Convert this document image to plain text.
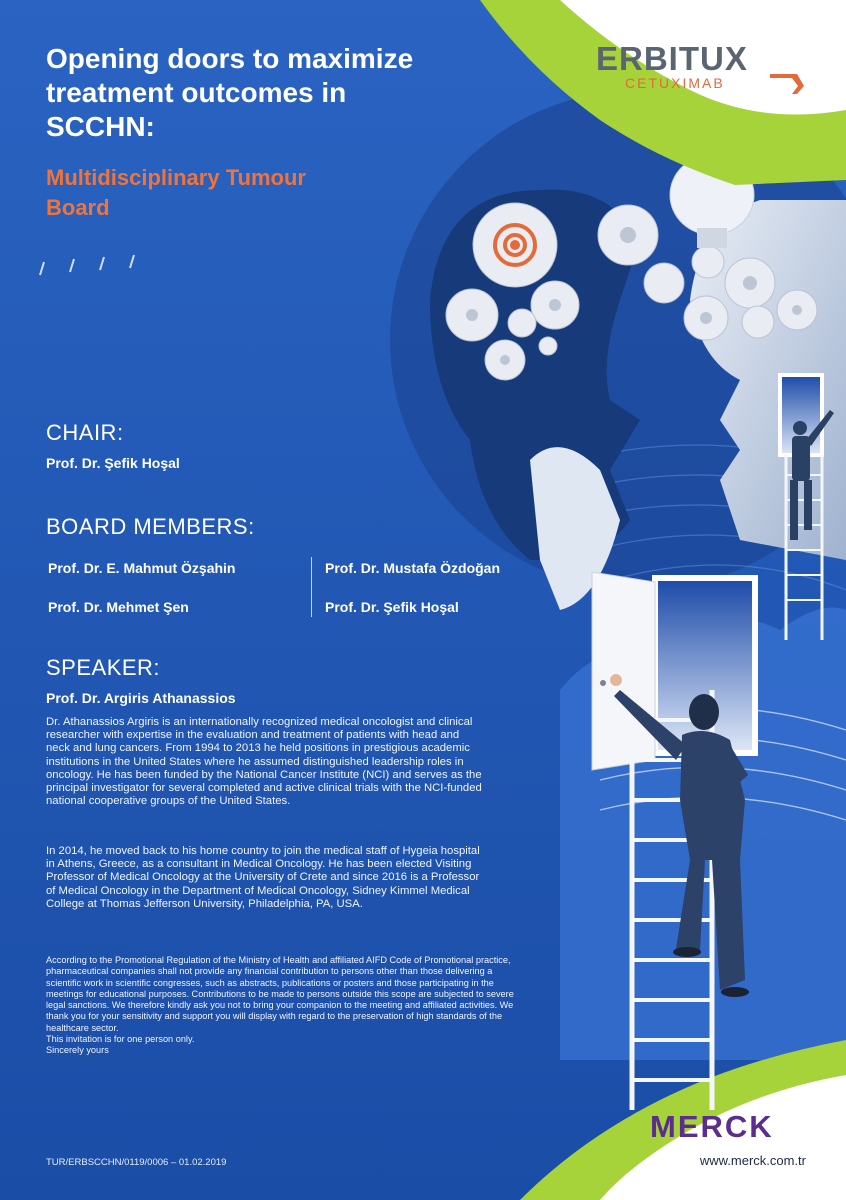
ERBITUX
CETUXIMAB
Opening doors to maximize treatment outcomes in SCCHN:
Multidisciplinary Tumour Board
CHAIR:
Prof. Dr. Şefik Hoşal
BOARD MEMBERS:
Prof. Dr. E. Mahmut Özşahin	Prof. Dr. Mustafa Özdoğan
Prof. Dr. Mehmet Şen	Prof. Dr. Şefik Hoşal
SPEAKER:
Prof. Dr. Argiris Athanassios
Dr. Athanassios Argiris is an internationally recognized medical oncologist and clinical researcher with expertise in the evaluation and treatment of patients with head and neck and lung cancers. From 1994 to 2013 he held positions in prestigious academic institutions in the United States where he assumed distinguished leadership roles in oncology. He has been funded by the National Cancer Institute (NCI) and serves as the principal investigator for several completed and active clinical trials with the NCI-funded national cooperative groups of the United States.
In 2014, he moved back to his home country to join the medical staff of Hygeia hospital in Athens, Greece, as a consultant in Medical Oncology. He has been elected Visiting Professor of Medical Oncology at the University of Crete and since 2016 is a Professor of Medical Oncology in the Department of Medical Oncology, Sidney Kimmel Medical College at Thomas Jefferson University, Philadelphia, PA, USA.
According to the Promotional Regulation of the Ministry of Health and affiliated AIFD Code of Promotional practice, pharmaceutical companies shall not provide any financial contribution to persons other than those delivering a scientific work in scientific congresses, such as abstracts, publications or posters and those participating in the meetings for educational purposes. Contributions to be made to persons outside this scope are subjected to severe legal sanctions. We therefore kindly ask you not to bring your companion to the meeting and affiliated activities. We thank you for your sensitivity and support you will display with regard to the preservation of high standards of the healthcare sector.
This invitation is for one person only.
Sincerely yours
TUR/ERBSCCHN/0119/0006 – 01.02.2019
MERCK
www.merck.com.tr
